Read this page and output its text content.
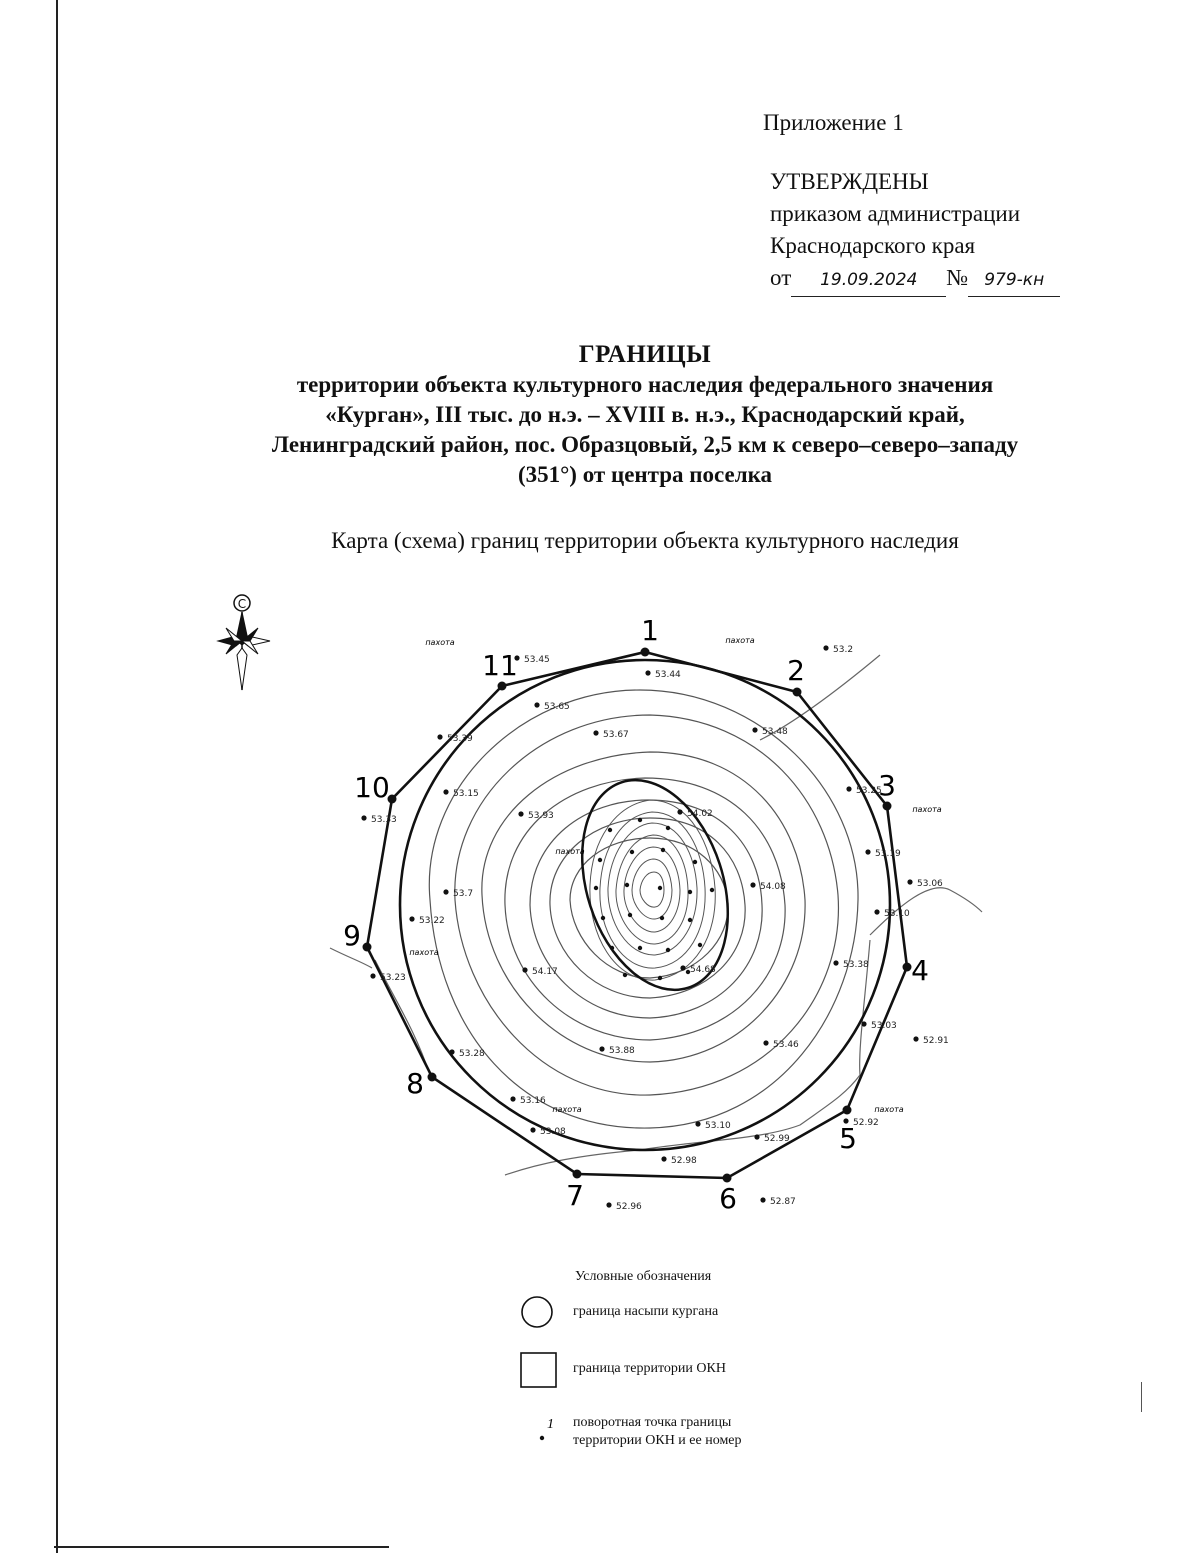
Приложение 1
УТВЕРЖДЕНЫ
приказом администрации
Краснодарского края
от 19.09.2024 № 979-кн
ГРАНИЦЫ
территории объекта культурного наследия федерального значения
«Курган», III тыс. до н.э. – XVIII в. н.э., Краснодарский край,
Ленинградский район, пос. Образцовый, 2,5 км к северо–северо–западу
(351°) от центра поселка
Карта (схема) границ территории объекта культурного наследия
С
53.45
53.44
53.2
53.65
53.67	53.48
53.39
53.25
53.15
53.33	53.93	54.02
53.19
53.06
54.08
53.7
53.22
53.10
54.17	54.68	53.38
53.23
53.03
52.91
53.28	53.88
53.46
53.16
53.08
53.10
52.99
52.92
52.98
52.96	52.87
1
2
3
4
5
6
7
8
9
10
11
пахота
пахота
пахота
пахота
пахота
пахота
пахота
1
Условные обозначения
граница насыпи кургана
граница территории ОКН
поворотная точка границы
территории ОКН и ее номер
